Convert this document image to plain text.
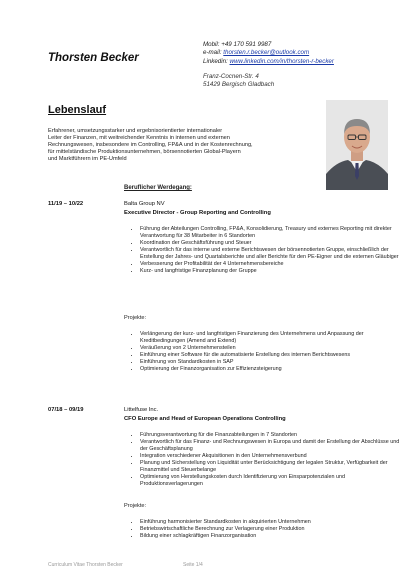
Thorsten Becker
Mobil: +49 170 591 9987
e-mail: thorsten.r.becker@outlook.com
Linkedin: www.linkedin.com/in/thorsten-r-becker
Franz-Cocnen-Str. 4
51429 Bergisch Gladbach
Lebenslauf
Erfahrener, umsetzungsstarker und ergebnisorientierter internationaler
Leiter der Finanzen, mit weitreichender Kenntnis in internen und externen
Rechnungswesen, insbesondere im Controlling, FP&A und in der Kostenrechnung,
für mittelständische Produktionsunternehmen, börsennotierten Global-Playern
und Marktführern im PE-Umfeld
Beruflicher Werdegang:
11/19 – 10/22	Balta Group NV
Executive Director - Group Reporting and Controlling
• Führung der Abteilungen Controlling, FP&A, Konsolidierung, Treasury und externes Reporting mit direkter Verantwortung für 38 Mitarbeiter in 6 Standorten
• Koordination der Geschäftsführung und Steuer
• Verantwortlich für das interne und externe Berichtswesen der börsennotierten Gruppe, einschließlich der Erstellung der Jahres- und Quartalsberichte und aller Berichte für den PE-Eigner und die externen Gläubiger
• Verbesserung der Profitabilität der 4 Unternehmensbereiche
• Kurz- und langfristige Finanzplanung der Gruppe
Projekte:
• Verlängerung der kurz- und langfristigen Finanzierung des Unternehmens und Anpassung der Kreditbedingungen (Amend and Extend)
• Veräußerung von 2 Unternehmensteilen
• Einführung einer Software für die automatisierte Erstellung des internen Berichtswesens
• Einführung von Standardkosten in SAP
• Optimierung der Finanzorganisation zur Effizienzsteigerung
07/18 – 09/19	Littelfuse Inc.
CFO Europe and Head of European Operations Controlling
• Führungsverantwortung für die Finanzabteilungen in 7 Standorten
• Verantwortlich für das Finanz- und Rechnungswesen in Europa und damit der Erstellung der Abschlüsse und der Geschäftsplanung
• Integration verschiedener Akquisitionen in den Unternehmensverbund
• Planung und Sicherstellung von Liquidität unter Berücksichtigung der legalen Struktur, Verfügbarkeit der Finanzmittel und Steuerbelange
• Optimierung von Herstellungskosten durch Identifizierung von Einsparpotenzialen und Produktionsverlagerungen
Projekte:
• Einführung harmonisierter Standardkosten in akquirierten Unternehmen
• Betriebswirtschaftliche Berechnung zur Verlagerung einer Produktion
• Bildung einer schlagkräftigen Finanzorganisation
Curriculum Vitae Thorsten Becker	Seite 1/4
